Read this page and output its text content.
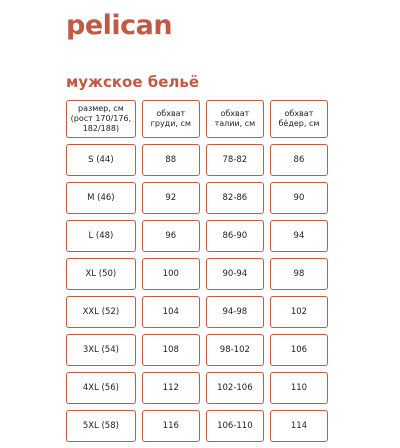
pelican
мужское бельё
размер, см (рост 170/176, 182/188)	обхват груди, см	обхват талии, см	обхват бёдер, см
S (44)	88	78-82	86
M (46)	92	82-86	90
L (48)	96	86-90	94
XL (50)	100	90-94	98
XXL (52)	104	94-98	102
3XL (54)	108	98-102	106
4XL (56)	112	102-106	110
5XL (58)	116	106-110	114
